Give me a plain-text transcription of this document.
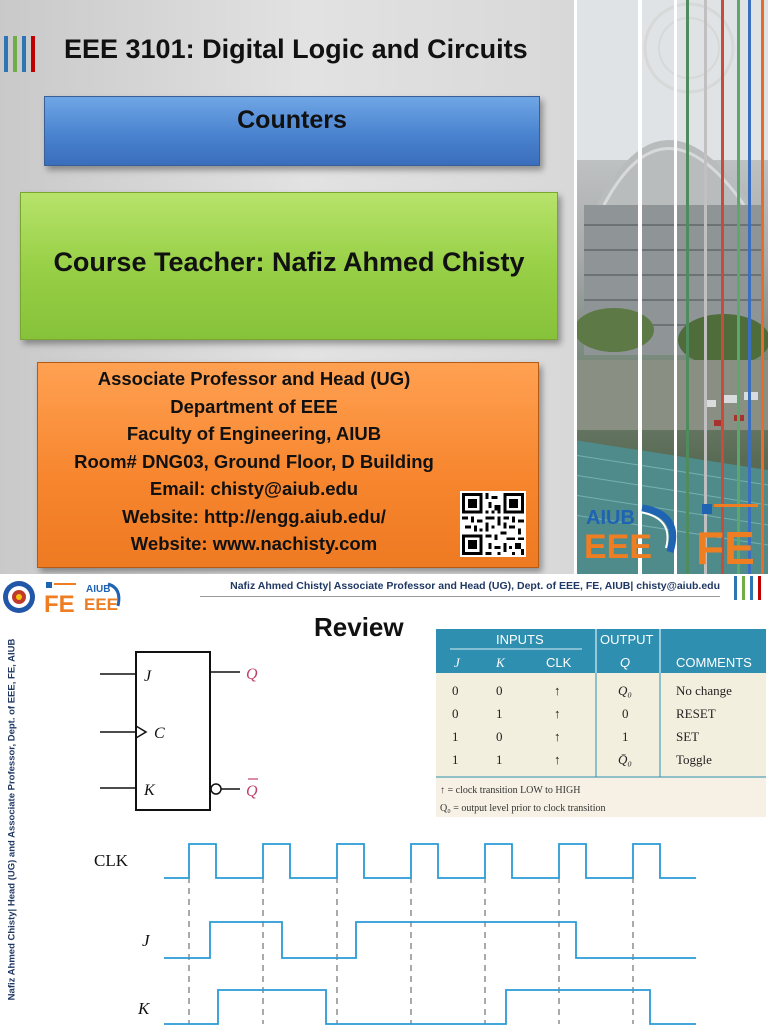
EEE 3101: Digital Logic and Circuits
Counters
Course Teacher: Nafiz Ahmed Chisty
Associate Professor and Head (UG)
Department of EEE
Faculty of Engineering, AIUB
Room# DNG03, Ground Floor, D Building
Email: chisty@aiub.edu
Website: http://engg.aiub.edu/
Website: www.nachisty.com
AIUB
EEE FE
FE
AIUB
EEE
Nafiz Ahmed Chisty| Associate Professor and Head (UG), Dept. of EEE, FE, AIUB| chisty@aiub.edu
Nafiz Ahmed Chisty| Head (UG) and Associate Professor, Dept. of EEE, FE, AIUB
Review
J
C
K
Q
Q
INPUTS	OUTPUT
J	K	CLK	Q	COMMENTS
0	0	↑	Q₀	No change
0	1	↑	0	RESET
1	0	↑	1	SET
1	1	↑	Q̄₀	Toggle
↑ = clock transition LOW to HIGH
Q₀ = output level prior to clock transition
CLK
J
K
